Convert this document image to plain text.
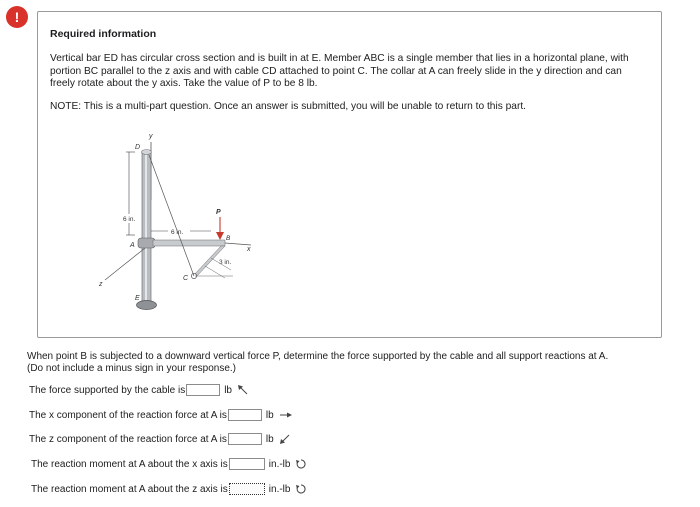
!
Required information
Vertical bar ED has circular cross section and is built in at E. Member ABC is a single member that lies in a horizontal plane, with portion BC parallel to the z axis and with cable CD attached to point C. The collar at A can freely slide in the y direction and can freely rotate about the y axis. Take the value of P to be 8 lb.
NOTE: This is a multi-part question. Once an answer is submitted, you will be unable to return to this part.
y
D
E
6 in.
A
6 in.
x
P
B
3 in.
C
z
When point B is subjected to a downward vertical force P, determine the force supported by the cable and all support reactions at A.
(Do not include a minus sign in your response.)
The force supported by the cable is	lb
The x component of the reaction force at A is	lb
The z component of the reaction force at A is	lb
The reaction moment at A about the x axis is	in.-lb
The reaction moment at A about the z axis is	in.-lb
